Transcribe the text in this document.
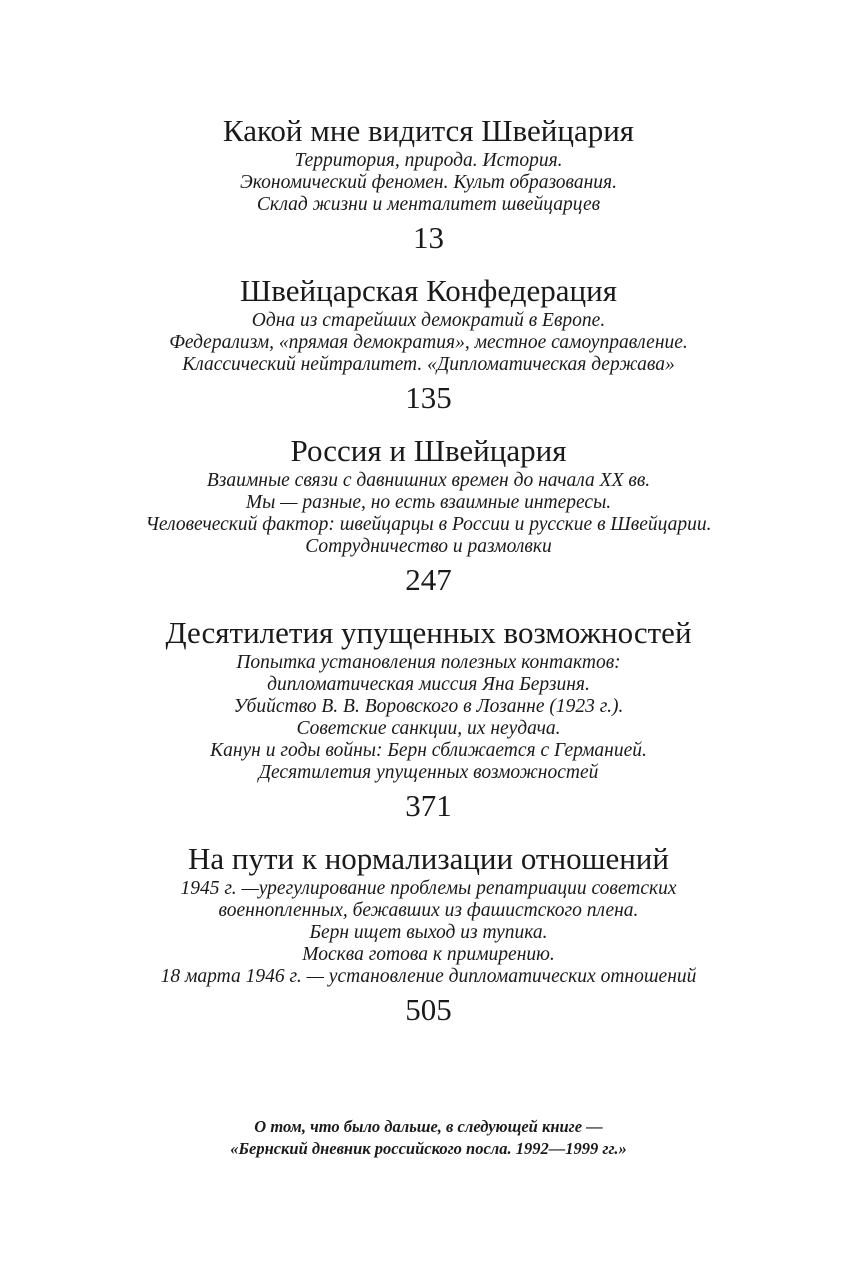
Какой мне видится Швейцария
Территория, природа. История.
Экономический феномен. Культ образования.
Склад жизни и менталитет швейцарцев
13
Швейцарская Конфедерация
Одна из старейших демократий в Европе.
Федерализм, «прямая демократия», местное самоуправление.
Классический нейтралитет. «Дипломатическая держава»
135
Россия и Швейцария
Взаимные связи с давнишних времен до начала XX вв.
Мы — разные, но есть взаимные интересы.
Человеческий фактор: швейцарцы в России и русские в Швейцарии.
Сотрудничество и размолвки
247
Десятилетия упущенных возможностей
Попытка установления полезных контактов:
дипломатическая миссия Яна Берзиня.
Убийство В. В. Воровского в Лозанне (1923 г.).
Советские санкции, их неудача.
Канун и годы войны: Берн сближается с Германией.
Десятилетия упущенных возможностей
371
На пути к нормализации отношений
1945 г. —урегулирование проблемы репатриации советских
военнопленных, бежавших из фашистского плена.
Берн ищет выход из тупика.
Москва готова к примирению.
18 марта 1946 г. — установление дипломатических отношений
505
О том, что было дальше, в следующей книге —
«Бернский дневник российского посла. 1992—1999 гг.»
